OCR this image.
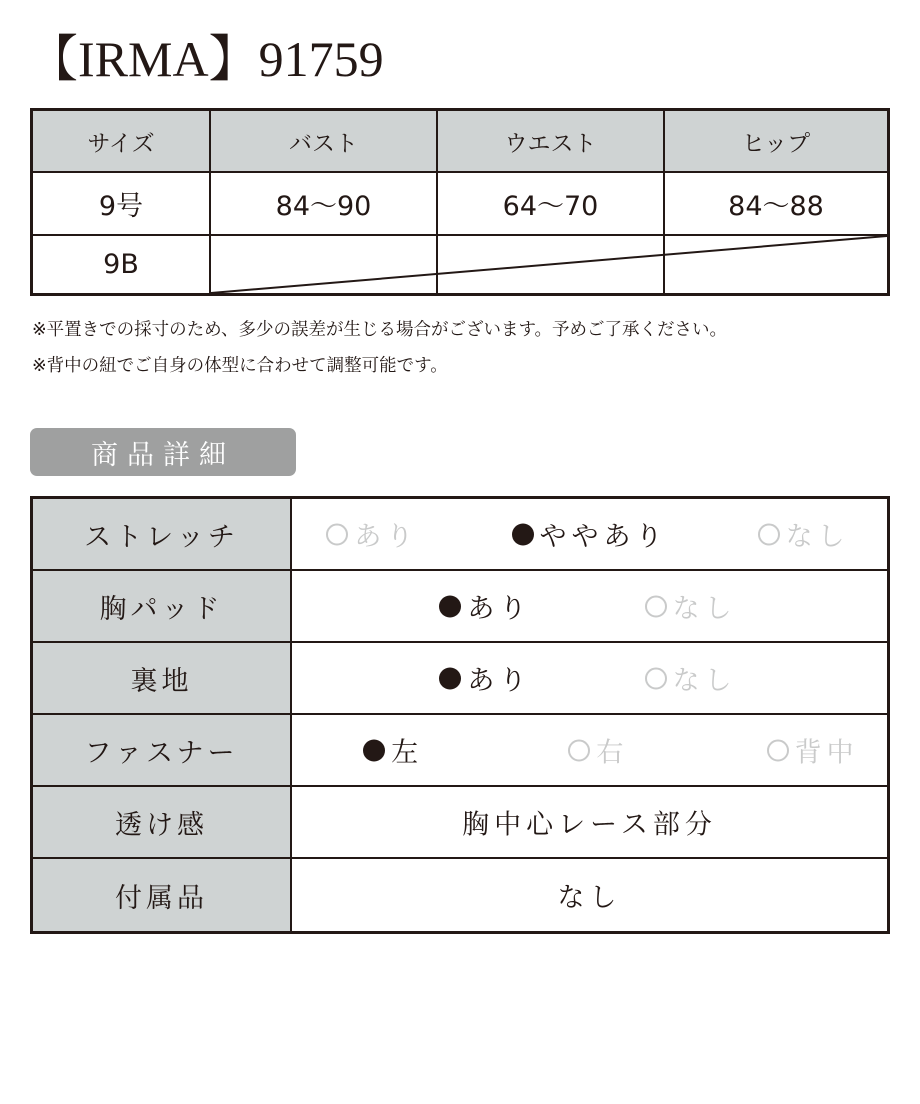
【IRMA】91759
サイズ	バスト	ウエスト	ヒップ
9号	84～90	64～70	84～88
9B
※平置きでの採寸のため、多少の誤差が生じる場合がございます。予めご了承ください。
※背中の紐でご自身の体型に合わせて調整可能です。
商品詳細
ストレッチ	あり	ややあり	なし
胸パッド	あり	なし
裏地	あり	なし
ファスナー	左	右	背中
透け感	胸中心レース部分
付属品	なし
